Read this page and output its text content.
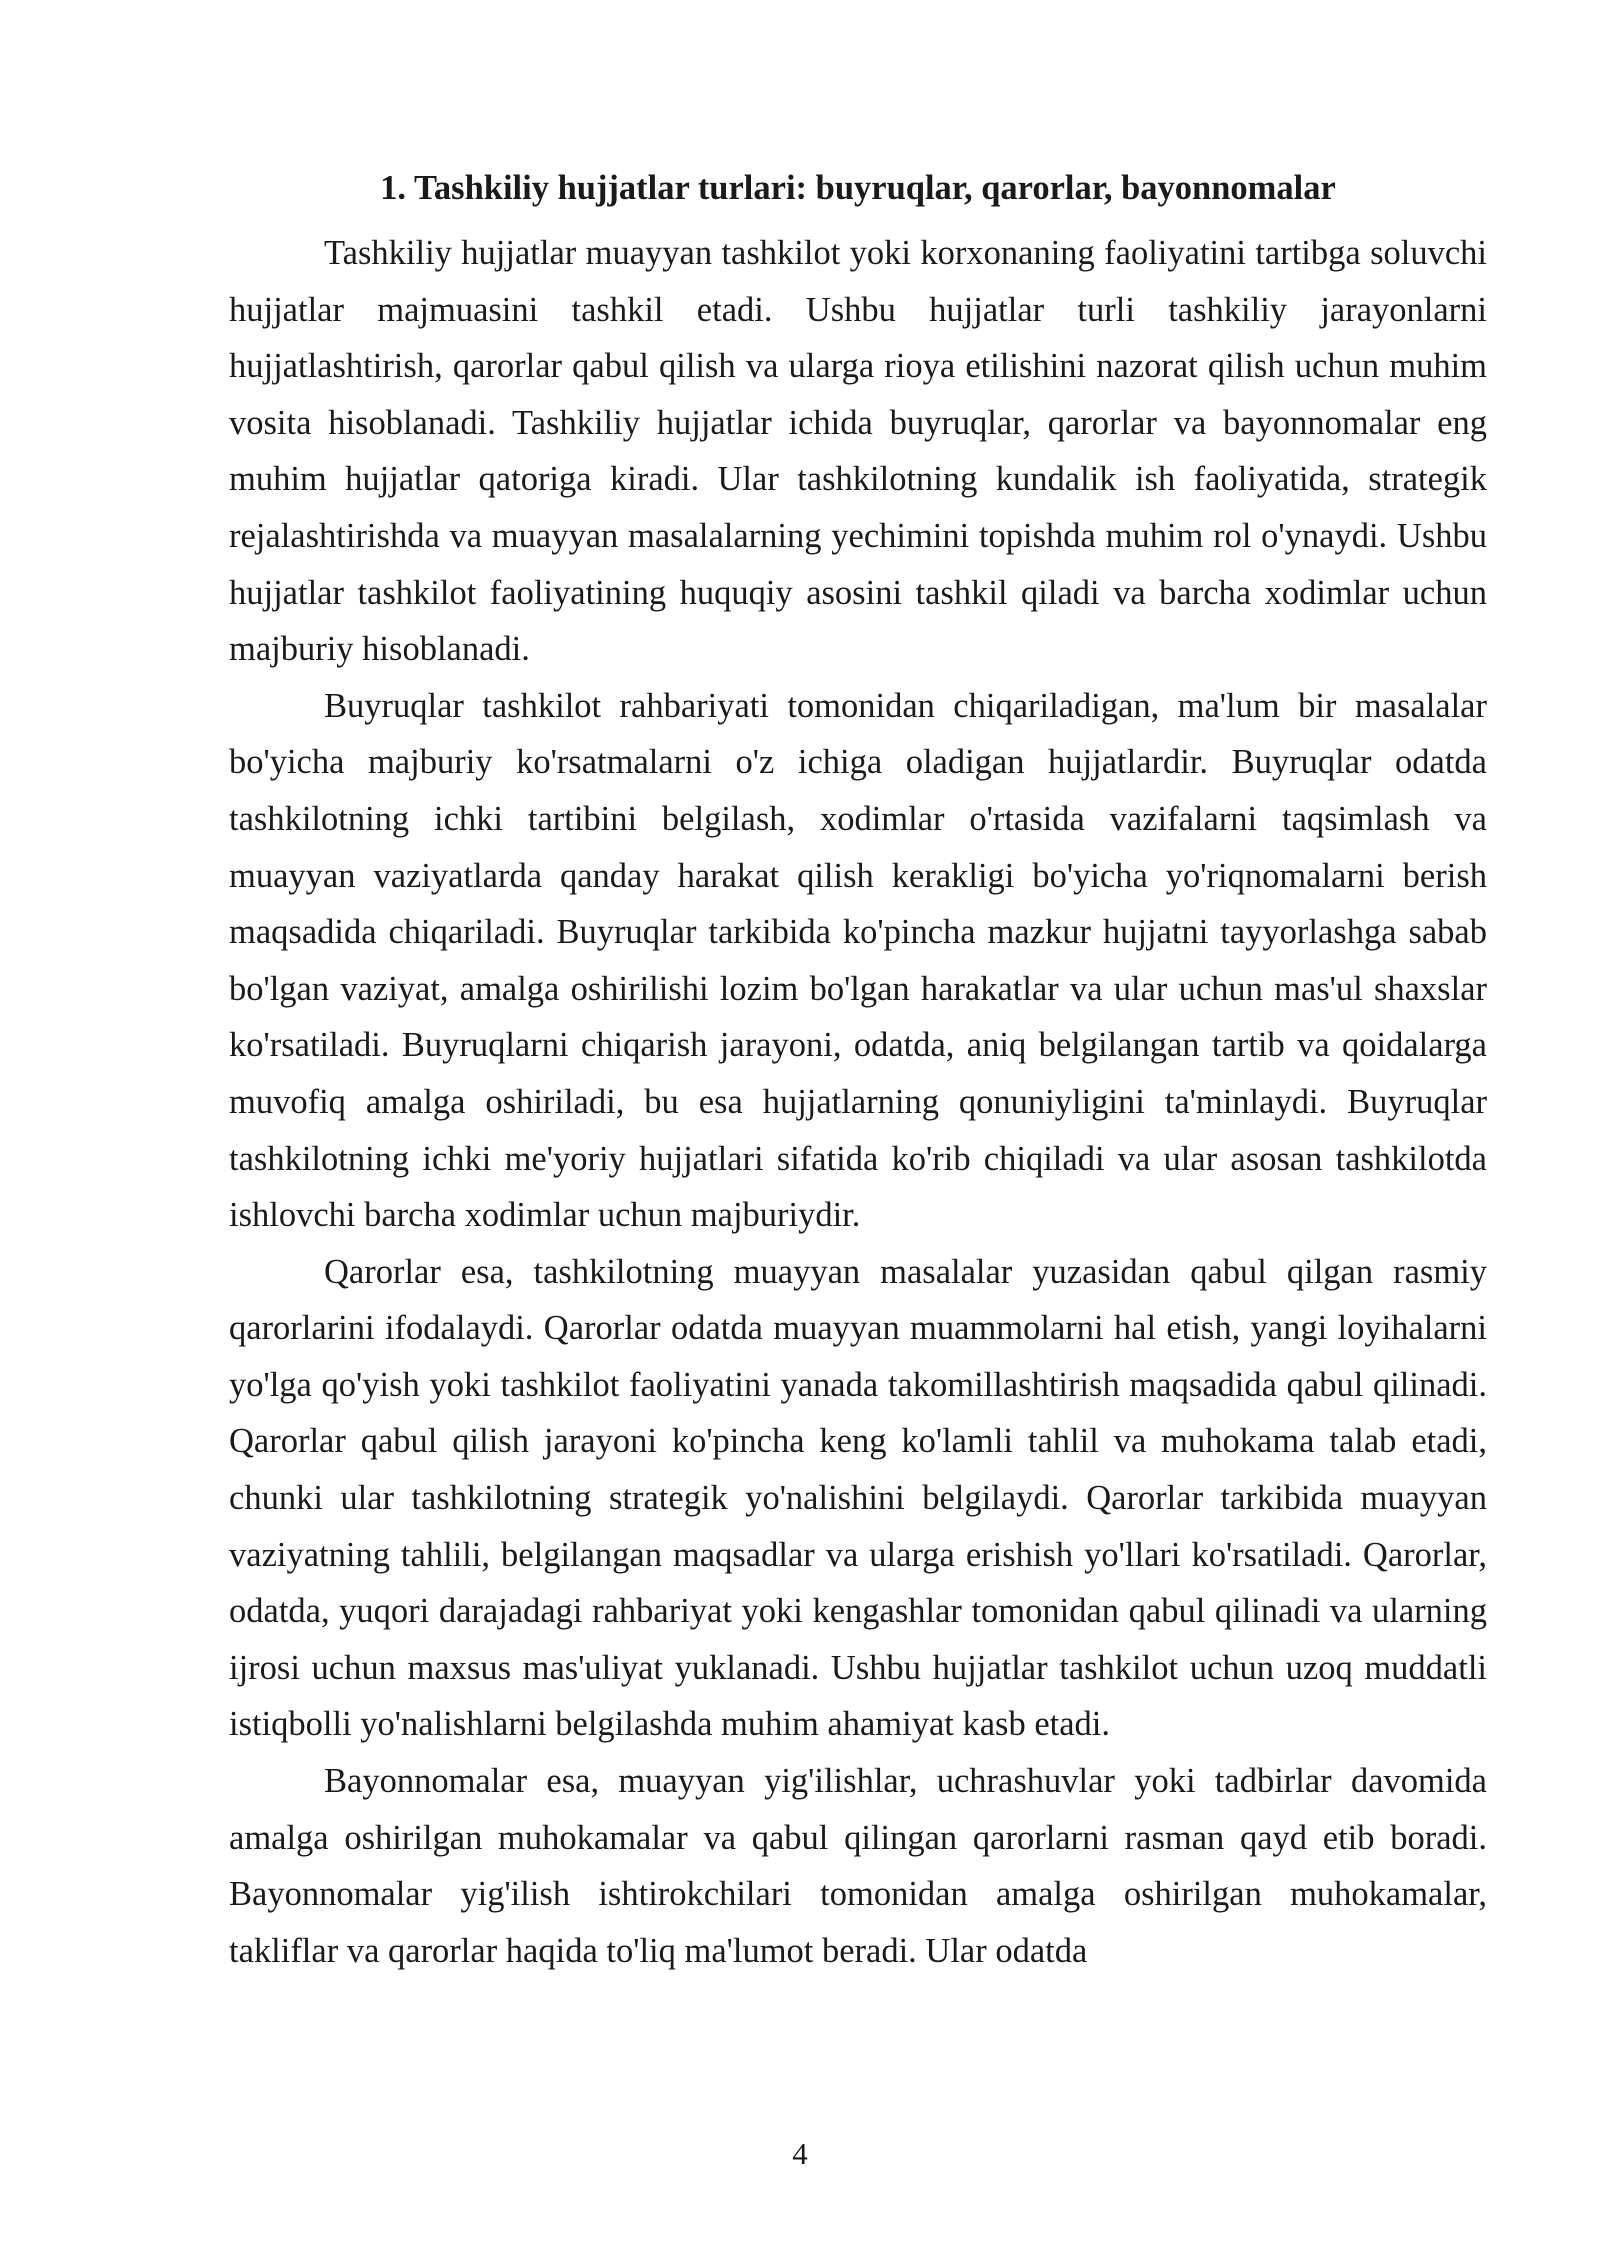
1. Tashkiliy hujjatlar turlari: buyruqlar, qarorlar, bayonnomalar

Tashkiliy hujjatlar muayyan tashkilot yoki korxonaning faoliyatini tartibga soluvchi hujjatlar majmuasini tashkil etadi. Ushbu hujjatlar turli tashkiliy jarayonlarni hujjatlashtirish, qarorlar qabul qilish va ularga rioya etilishini nazorat qilish uchun muhim vosita hisoblanadi. Tashkiliy hujjatlar ichida buyruqlar, qarorlar va bayonnomalar eng muhim hujjatlar qatoriga kiradi. Ular tashkilotning kundalik ish faoliyatida, strategik rejalashtirishda va muayyan masalalarning yechimini topishda muhim rol o'ynaydi. Ushbu hujjatlar tashkilot faoliyatining huquqiy asosini tashkil qiladi va barcha xodimlar uchun majburiy hisoblanadi.

Buyruqlar tashkilot rahbariyati tomonidan chiqariladigan, ma'lum bir masalalar bo'yicha majburiy ko'rsatmalarni o'z ichiga oladigan hujjatlardir. Buyruqlar odatda tashkilotning ichki tartibini belgilash, xodimlar o'rtasida vazifalarni taqsimlash va muayyan vaziyatlarda qanday harakat qilish kerakligi bo'yicha yo'riqnomalarni berish maqsadida chiqariladi. Buyruqlar tarkibida ko'pincha mazkur hujjatni tayyorlashga sabab bo'lgan vaziyat, amalga oshirilishi lozim bo'lgan harakatlar va ular uchun mas'ul shaxslar ko'rsatiladi. Buyruqlarni chiqarish jarayoni, odatda, aniq belgilangan tartib va qoidalarga muvofiq amalga oshiriladi, bu esa hujjatlarning qonuniyligini ta'minlaydi. Buyruqlar tashkilotning ichki me'yoriy hujjatlari sifatida ko'rib chiqiladi va ular asosan tashkilotda ishlovchi barcha xodimlar uchun majburiydir.

Qarorlar esa, tashkilotning muayyan masalalar yuzasidan qabul qilgan rasmiy qarorlarini ifodalaydi. Qarorlar odatda muayyan muammolarni hal etish, yangi loyihalarni yo'lga qo'yish yoki tashkilot faoliyatini yanada takomillashtirish maqsadida qabul qilinadi. Qarorlar qabul qilish jarayoni ko'pincha keng ko'lamli tahlil va muhokama talab etadi, chunki ular tashkilotning strategik yo'nalishini belgilaydi. Qarorlar tarkibida muayyan vaziyatning tahlili, belgilangan maqsadlar va ularga erishish yo'llari ko'rsatiladi. Qarorlar, odatda, yuqori darajadagi rahbariyat yoki kengashlar tomonidan qabul qilinadi va ularning ijrosi uchun maxsus mas'uliyat yuklanadi. Ushbu hujjatlar tashkilot uchun uzoq muddatli istiqbolli yo'nalishlarni belgilashda muhim ahamiyat kasb etadi.

Bayonnomalar esa, muayyan yig'ilishlar, uchrashuvlar yoki tadbirlar davomida amalga oshirilgan muhokamalar va qabul qilingan qarorlarni rasman qayd etib boradi. Bayonnomalar yig'ilish ishtirokchilari tomonidan amalga oshirilgan muhokamalar, takliflar va qarorlar haqida to'liq ma'lumot beradi. Ular odatda

4
